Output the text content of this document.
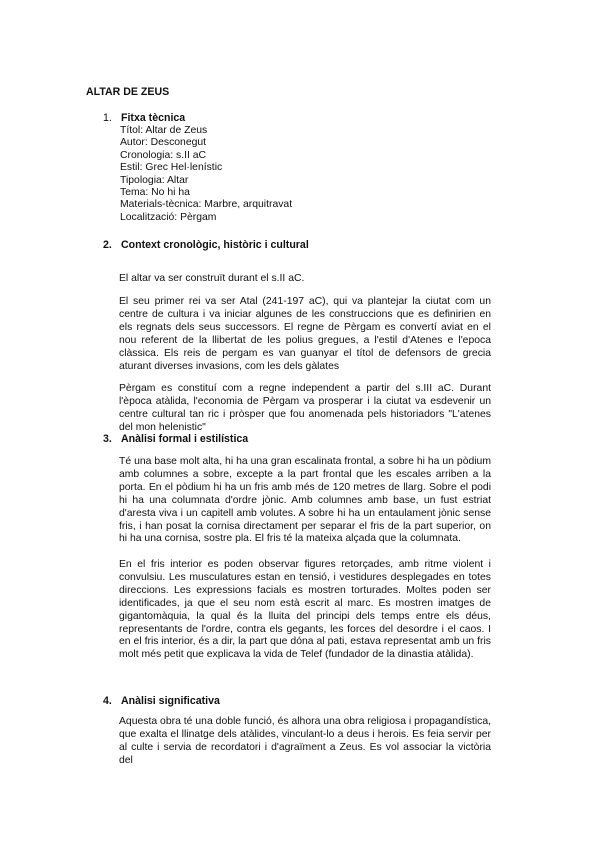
ALTAR DE ZEUS
1. Fitxa tècnica
Títol: Altar de Zeus
Autor: Desconegut
Cronologia: s.II aC
Estil: Grec Hel·lenístic
Tipologia: Altar
Tema: No hi ha
Materials-tècnica: Marbre, arquitravat
Localització: Pèrgam
2. Context cronològic, històric i cultural

El altar va ser construït durant el s.II aC.

El seu primer rei va ser Atal (241-197 aC), qui va plantejar la ciutat com un centre de cultura i va iniciar algunes de les construccions que es definirien en els regnats dels seus successors. El regne de Pèrgam es convertí aviat en el nou referent de la llibertat de les polius gregues, a l'estil d'Atenes e l'epoca clàssica. Els reis de pergam es van guanyar el títol de defensors de grecia aturant diverses invasions, com les dels gàlates

Pèrgam es constituí com a regne independent a partir del s.III aC. Durant l'època atàlida, l'economia de Pèrgam va prosperar i la ciutat va esdevenir un centre cultural tan ric i pròsper que fou anomenada pels historiadors "L'atenes del mon helenistic"

3. Anàlisi formal i estilística

Té una base molt alta, hi ha una gran escalinata frontal, a sobre hi ha un pòdium amb columnes a sobre, excepte a la part frontal que les escales arriben a la porta. En el pòdium hi ha un fris amb més de 120 metres de llarg. Sobre el podi hi ha una columnata d'ordre jònic. Amb columnes amb base, un fust estriat d'aresta viva i un capitell amb volutes. A sobre hi ha un entaulament jònic sense fris, i han posat la cornisa directament per separar el fris de la part superior, on hi ha una cornisa, sostre pla. El fris té la mateixa alçada que la columnata.

En el fris interior es poden observar figures retorçades, amb ritme violent i convulsiu. Les musculatures estan en tensió, i vestidures desplegades en totes direccions. Les expressions facials es mostren torturades. Moltes poden ser identificades, ja que el seu nom està escrit al marc. Es mostren imatges de gigantomàquia, la qual és la lluita del principi dels temps entre els déus, representants de l'ordre, contra els gegants, les forces del desordre i el caos. I en el fris interior, és a dir, la part que dóna al pati, estava representat amb un fris molt més petit que explicava la vida de Telef (fundador de la dinastia atàlida).

4. Anàlisi significativa

Aquesta obra té una doble funció, és alhora una obra religiosa i propagandística, que exalta el llinatge dels atàlides, vinculant-lo a deus i herois. Es feia servir per al culte i servia de recordatori i d'agraïment a Zeus. Es vol associar la victòria del
